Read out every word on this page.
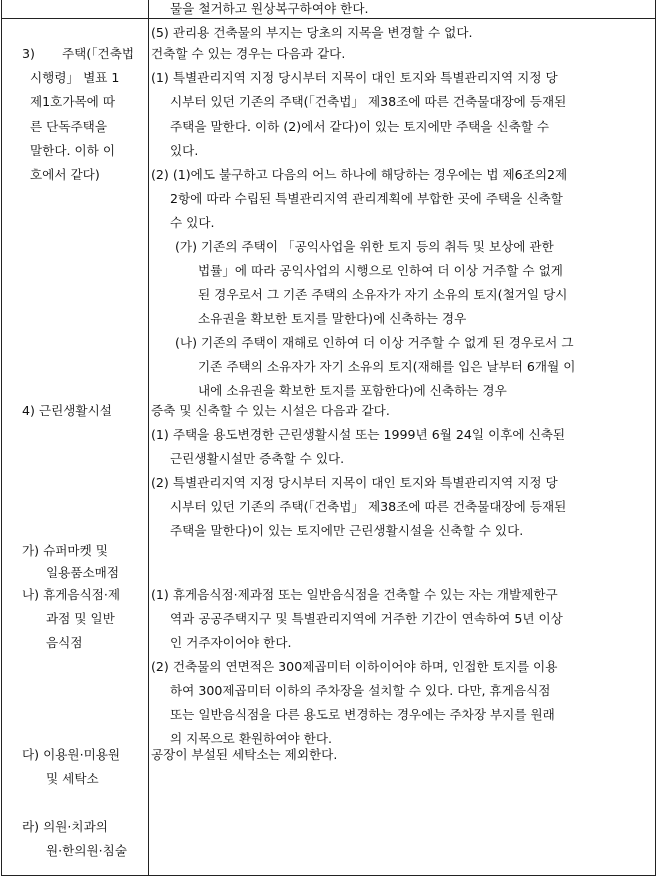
물을 철거하고 원상복구하여야 한다.
(5) 관리용 건축물의 부지는 당초의 지목을 변경할 수 없다.
3) 주택(「건축법
시행령」 별표 1
제1호가목에 따
른 단독주택을
말한다. 이하 이
호에서 같다)
건축할 수 있는 경우는 다음과 같다.
(1) 특별관리지역 지정 당시부터 지목이 대인 토지와 특별관리지역 지정 당
시부터 있던 기존의 주택(「건축법」 제38조에 따른 건축물대장에 등재된
주택을 말한다. 이하 (2)에서 같다)이 있는 토지에만 주택을 신축할 수
있다.
(2) (1)에도 불구하고 다음의 어느 하나에 해당하는 경우에는 법 제6조의2제
2항에 따라 수립된 특별관리지역 관리계획에 부합한 곳에 주택을 신축할
수 있다.
(가) 기존의 주택이 「공익사업을 위한 토지 등의 취득 및 보상에 관한
법률」에 따라 공익사업의 시행으로 인하여 더 이상 거주할 수 없게
된 경우로서 그 기존 주택의 소유자가 자기 소유의 토지(철거일 당시
소유권을 확보한 토지를 말한다)에 신축하는 경우
(나) 기존의 주택이 재해로 인하여 더 이상 거주할 수 없게 된 경우로서 그
기존 주택의 소유자가 자기 소유의 토지(재해를 입은 날부터 6개월 이
내에 소유권을 확보한 토지를 포함한다)에 신축하는 경우
4) 근린생활시설	증축 및 신축할 수 있는 시설은 다음과 같다.
(1) 주택을 용도변경한 근린생활시설 또는 1999년 6월 24일 이후에 신축된
근린생활시설만 증축할 수 있다.
(2) 특별관리지역 지정 당시부터 지목이 대인 토지와 특별관리지역 지정 당
시부터 있던 기존의 주택(「건축법」 제38조에 따른 건축물대장에 등재된
주택을 말한다)이 있는 토지에만 근린생활시설을 신축할 수 있다.
가) 슈퍼마켓 및
일용품소매점
나) 휴게음식점·제
과점 및 일반
음식점
(1) 휴게음식점·제과점 또는 일반음식점을 건축할 수 있는 자는 개발제한구
역과 공공주택지구 및 특별관리지역에 거주한 기간이 연속하여 5년 이상
인 거주자이어야 한다.
(2) 건축물의 연면적은 300제곱미터 이하이어야 하며, 인접한 토지를 이용
하여 300제곱미터 이하의 주차장을 설치할 수 있다. 다만, 휴게음식점
또는 일반음식점을 다른 용도로 변경하는 경우에는 주차장 부지를 원래
의 지목으로 환원하여야 한다.
다) 이용원·미용원
및 세탁소
공장이 부설된 세탁소는 제외한다.
라) 의원·치과의
원·한의원·침술
